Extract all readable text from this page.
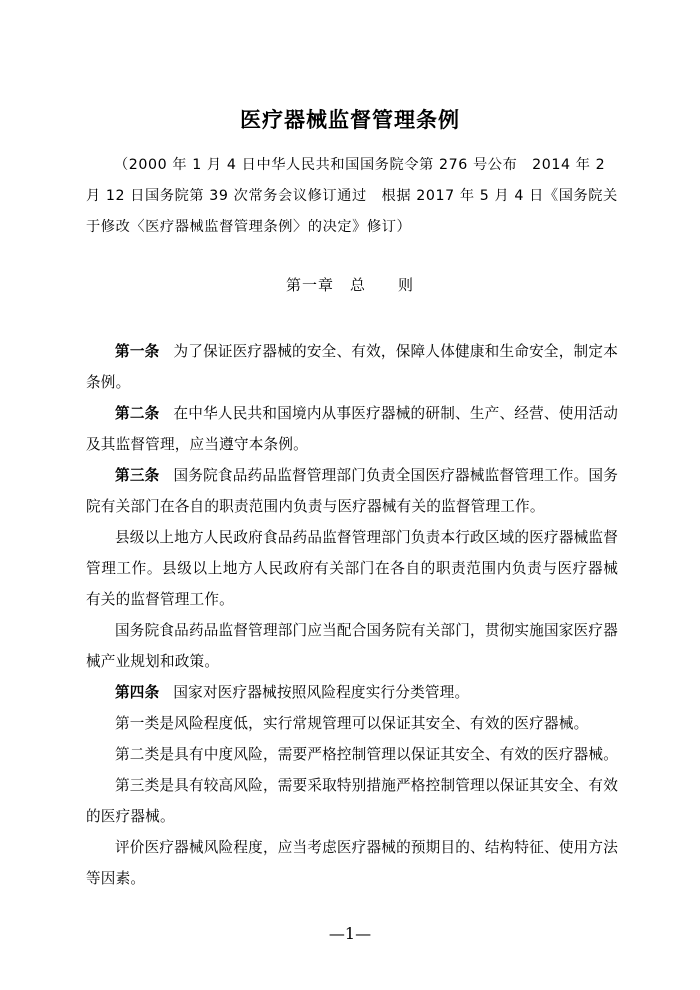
医疗器械监督管理条例
（2000 年 1 月 4 日中华人民共和国国务院令第 276 号公布　2014 年 2 月 12 日国务院第 39 次常务会议修订通过　根据 2017 年 5 月 4 日《国务院关于修改〈医疗器械监督管理条例〉的决定》修订）
第一章　总　　则

第一条 为了保证医疗器械的安全、有效，保障人体健康和生命安全，制定本条例。

第二条 在中华人民共和国境内从事医疗器械的研制、生产、经营、使用活动及其监督管理，应当遵守本条例。

第三条 国务院食品药品监督管理部门负责全国医疗器械监督管理工作。国务院有关部门在各自的职责范围内负责与医疗器械有关的监督管理工作。

县级以上地方人民政府食品药品监督管理部门负责本行政区域的医疗器械监督管理工作。县级以上地方人民政府有关部门在各自的职责范围内负责与医疗器械有关的监督管理工作。

国务院食品药品监督管理部门应当配合国务院有关部门，贯彻实施国家医疗器械产业规划和政策。

第四条 国家对医疗器械按照风险程度实行分类管理。

第一类是风险程度低，实行常规管理可以保证其安全、有效的医疗器械。

第二类是具有中度风险，需要严格控制管理以保证其安全、有效的医疗器械。

第三类是具有较高风险，需要采取特别措施严格控制管理以保证其安全、有效的医疗器械。

评价医疗器械风险程度，应当考虑医疗器械的预期目的、结构特征、使用方法等因素。

—1—
